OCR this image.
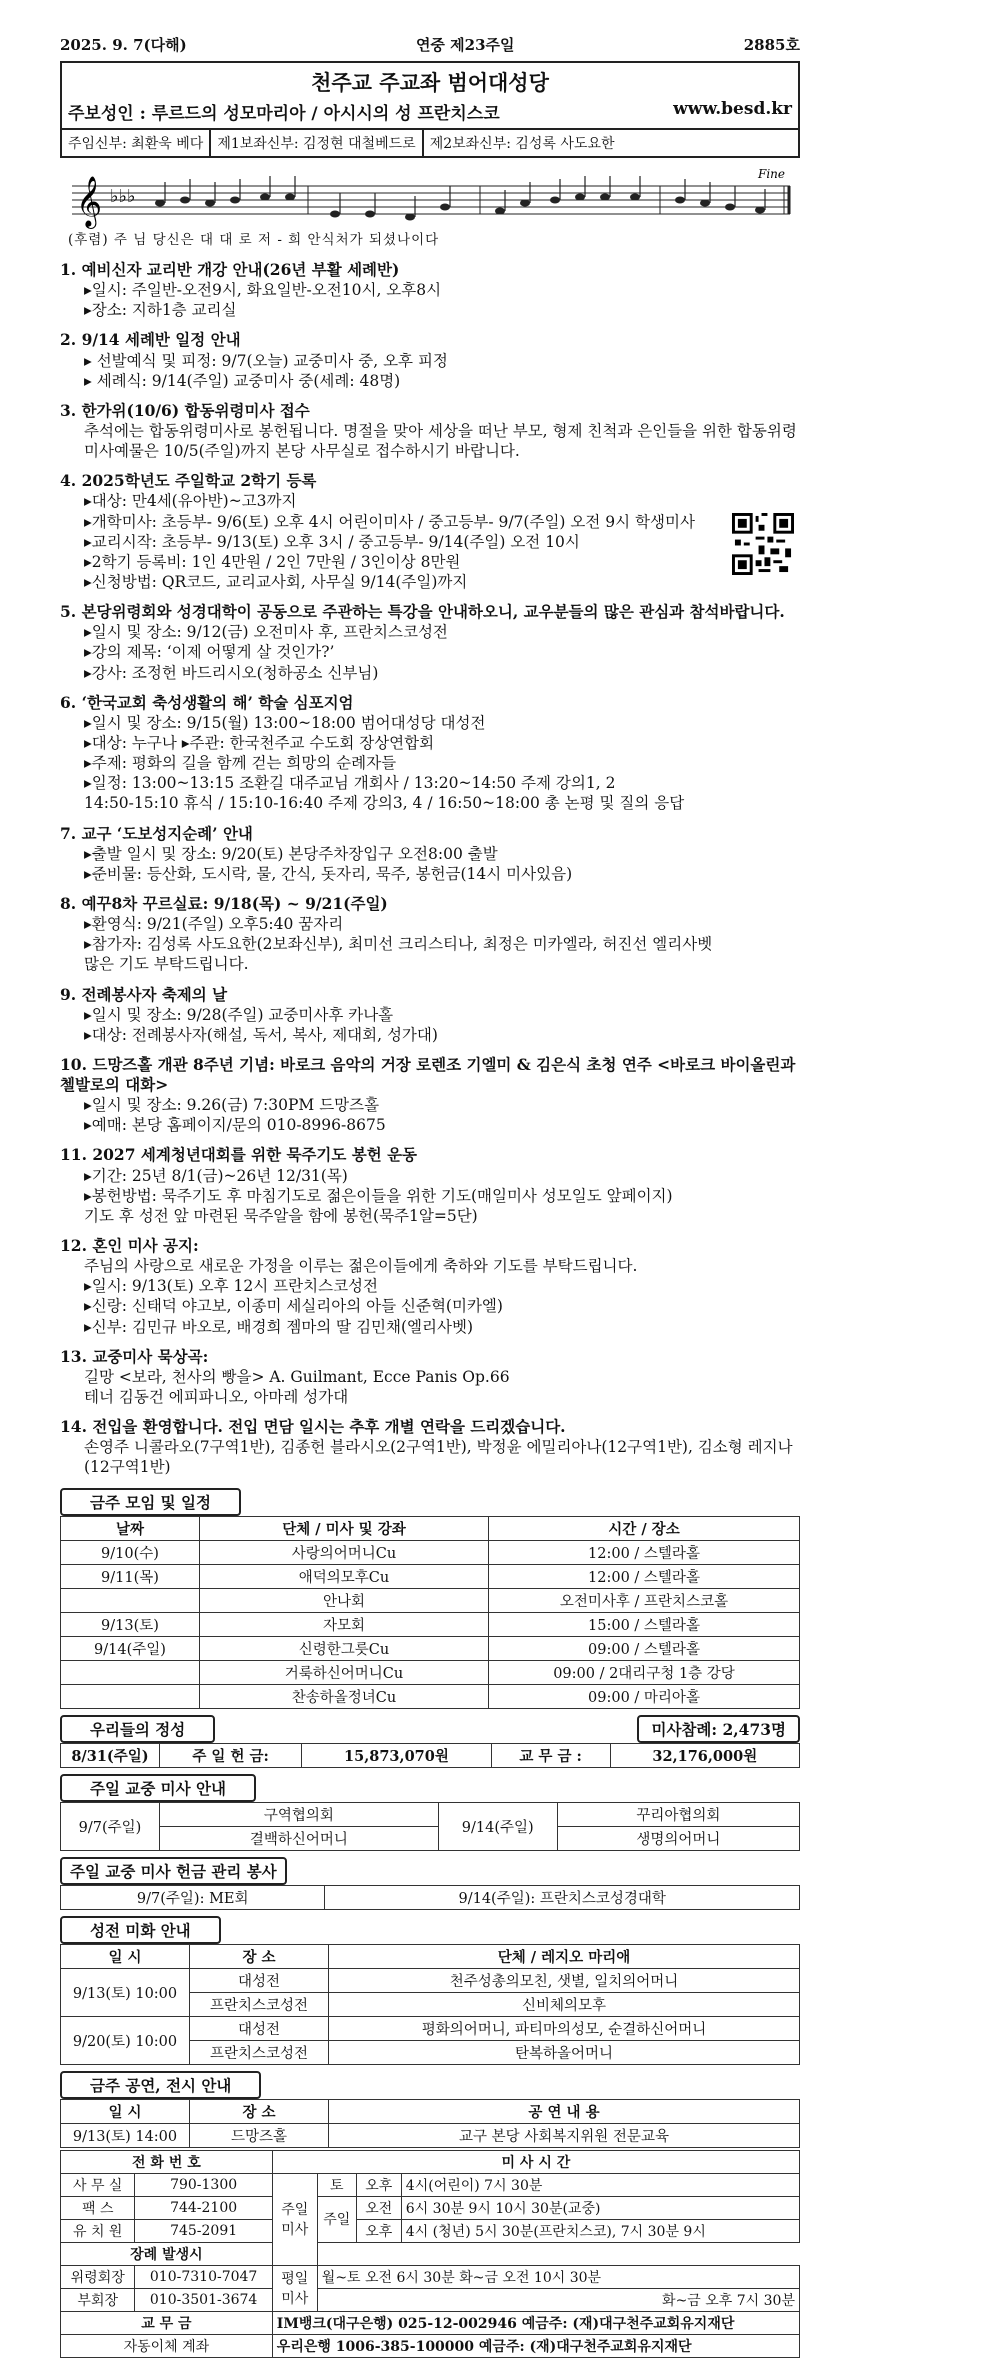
2025. 9. 7(다해)	연중 제23주일	2885호
천주교 주교좌 범어대성당
주보성인 : 루르드의 성모마리아 / 아시시의 성 프란치스코	www.besd.kr
주임신부: 최환욱 베다	제1보좌신부: 김정현 대철베드로	제2보좌신부: 김성록 사도요한
𝄞 ♭♭♭
Fine
(후렴) 주 님 당신은 대 대 로 저 - 희 안식처가 되셨나이다
1. 예비신자 교리반 개강 안내(26년 부활 세례반)
▸일시: 주일반-오전9시, 화요일반-오전10시, 오후8시
▸장소: 지하1층 교리실
2. 9/14 세례반 일정 안내
▸ 선발예식 및 피정: 9/7(오늘) 교중미사 중, 오후 피정
▸ 세례식: 9/14(주일) 교중미사 중(세례: 48명)
3. 한가위(10/6) 합동위령미사 접수
추석에는 합동위령미사로 봉헌됩니다. 명절을 맞아 세상을 떠난 부모, 형제 친척과 은인들을 위한 합동위령미사예물은 10/5(주일)까지 본당 사무실로 접수하시기 바랍니다.
4. 2025학년도 주일학교 2학기 등록
▸대상: 만4세(유아반)~고3까지
▸개학미사: 초등부- 9/6(토) 오후 4시 어린이미사 / 중고등부- 9/7(주일) 오전 9시 학생미사
▸교리시작: 초등부- 9/13(토) 오후 3시 / 중고등부- 9/14(주일) 오전 10시
▸2학기 등록비: 1인 4만원 / 2인 7만원 / 3인이상 8만원
▸신청방법: QR코드, 교리교사회, 사무실 9/14(주일)까지
5. 본당위령회와 성경대학이 공동으로 주관하는 특강을 안내하오니, 교우분들의 많은 관심과 참석바랍니다.
▸일시 및 장소: 9/12(금) 오전미사 후, 프란치스코성전
▸강의 제목: ‘이제 어떻게 살 것인가?’
▸강사: 조정헌 바드리시오(청하공소 신부님)
6. ‘한국교회 축성생활의 해’ 학술 심포지엄
▸일시 및 장소: 9/15(월) 13:00~18:00 범어대성당 대성전
▸대상: 누구나 ▸주관: 한국천주교 수도회 장상연합회
▸주제: 평화의 길을 함께 걷는 희망의 순례자들
▸일정: 13:00~13:15 조환길 대주교님 개회사 / 13:20~14:50 주제 강의1, 2
14:50-15:10 휴식 / 15:10-16:40 주제 강의3, 4 / 16:50~18:00 총 논평 및 질의 응답
7. 교구 ‘도보성지순례’ 안내
▸출발 일시 및 장소: 9/20(토) 본당주차장입구 오전8:00 출발
▸준비물: 등산화, 도시락, 물, 간식, 돗자리, 묵주, 봉헌금(14시 미사있음)
8. 예꾸8차 꾸르실료: 9/18(목) ~ 9/21(주일)
▸환영식: 9/21(주일) 오후5:40 꿈자리
▸참가자: 김성록 사도요한(2보좌신부), 최미선 크리스티나, 최정은 미카엘라, 허진선 엘리사벳
많은 기도 부탁드립니다.
9. 전례봉사자 축제의 날
▸일시 및 장소: 9/28(주일) 교중미사후 카나홀
▸대상: 전례봉사자(해설, 독서, 복사, 제대회, 성가대)
10. 드망즈홀 개관 8주년 기념: 바로크 음악의 거장 로렌조 기엘미 & 김은식 초청 연주 <바로크 바이올린과 첼발로의 대화>
▸일시 및 장소: 9.26(금) 7:30PM 드망즈홀
▸예매: 본당 홈페이지/문의 010-8996-8675
11. 2027 세계청년대회를 위한 묵주기도 봉헌 운동
▸기간: 25년 8/1(금)~26년 12/31(목)
▸봉헌방법: 묵주기도 후 마침기도로 젊은이들을 위한 기도(매일미사 성모일도 앞페이지)
기도 후 성전 앞 마련된 묵주알을 함에 봉헌(묵주1알=5단)
12. 혼인 미사 공지:
주님의 사랑으로 새로운 가정을 이루는 젊은이들에게 축하와 기도를 부탁드립니다.
▸일시: 9/13(토) 오후 12시 프란치스코성전
▸신랑: 신태덕 야고보, 이종미 세실리아의 아들 신준혁(미카엘)
▸신부: 김민규 바오로, 배경희 젬마의 딸 김민채(엘리사벳)
13. 교중미사 묵상곡:
길망 <보라, 천사의 빵을> A. Guilmant, Ecce Panis Op.66
테너 김동건 에피파니오, 아마레 성가대
14. 전입을 환영합니다. 전입 면담 일시는 추후 개별 연락을 드리겠습니다.
손영주 니콜라오(7구역1반), 김종헌 블라시오(2구역1반), 박정윤 에밀리아나(12구역1반), 김소형 레지나(12구역1반)
금주 모임 및 일정
날짜	단체 / 미사 및 강좌	시간 / 장소
9/10(수)	사랑의어머니Cu	12:00 / 스텔라홀
9/11(목)	애덕의모후Cu	12:00 / 스텔라홀
	안나회	오전미사후 / 프란치스코홀
9/13(토)	자모회	15:00 / 스텔라홀
9/14(주일)	신령한그릇Cu	09:00 / 스텔라홀
	거룩하신어머니Cu	09:00 / 2대리구청 1층 강당
	찬송하올정녀Cu	09:00 / 마리아홀
우리들의 정성	미사참례: 2,473명
8/31(주일)	주 일 헌 금:	15,873,070원	교 무 금 :	32,176,000원
주일 교중 미사 안내
9/7(주일)	구역협의회	9/14(주일)	꾸리아협의회
	결백하신어머니		생명의어머니
주일 교중 미사 헌금 관리 봉사
9/7(주일): ME회	9/14(주일): 프란치스코성경대학
성전 미화 안내
일 시	장 소	단체 / 레지오 마리애
9/13(토) 10:00	대성전	천주성총의모친, 샛별, 일치의어머니
	프란치스코성전	신비체의모후
9/20(토) 10:00	대성전	평화의어머니, 파티마의성모, 순결하신어머니
	프란치스코성전	탄복하올어머니
금주 공연, 전시 안내
일 시	장 소	공 연 내 용
9/13(토) 14:00	드망즈홀	교구 본당 사회복지위원 전문교육
전 화 번 호		미 사 시 간			
사 무 실	790-1300	주일 미사	토	오후	4시(어린이) 7시 30분
팩 스	744-2100		주일	오전	6시 30분 9시 10시 30분(교중)
유 치 원	745-2091			오후	4시 (청년) 5시 30분(프란치스코), 7시 30분 9시
장례 발생시				
위령회장	010-7310-7047	평일 미사	월~토 오전 6시 30분 화~금 오전 10시 30분		
부회장	010-3501-3674		화~금 오후 7시 30분		
교 무 금		IM뱅크(대구은행) 025-12-002946 예금주: (재)대구천주교회유지재단			
자동이체 계좌		우리은행 1006-385-100000 예금주: (재)대구천주교회유지재단			
